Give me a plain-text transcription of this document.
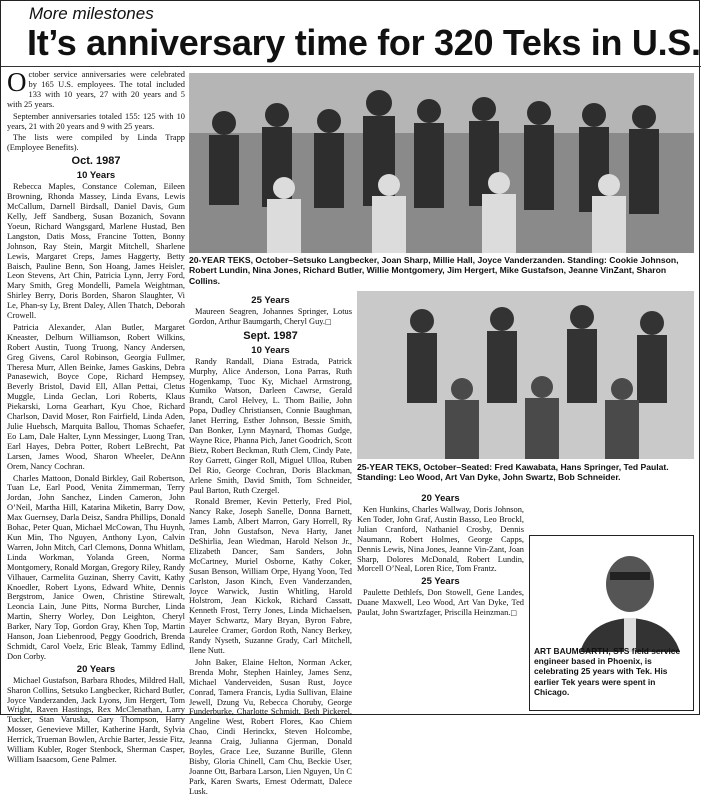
More milestones
It’s anniversary time for 320 Teks in U.S.

October service anniversaries were celebrated by 165 U.S. employees. The total included 133 with 10 years, 27 with 20 years and 5 with 25 years.

September anniversaries totaled 155: 125 with 10 years, 21 with 20 years and 9 with 25 years.

The lists were compiled by Linda Trapp (Employee Benefits).

Oct. 1987
10 Years

Rebecca Maples, Constance Coleman, Eileen Browning, Rhonda Massey, Linda Evans, Lewis McCallum, Darnell Birdsall, Daniel Davis, Gum Kelly, Jeff Sandberg, Susan Bozanich, Sovann Yoeun, Richard Wangsgard, Marlene Hustad, Ben Langston, Datis Moss, Francine Totten, Bonny Johnson, Ray Stein, Margit Mitchell, Sharlene Lewis, Margaret Creps, James Haggerty, Betty Baisch, Pauline Benn, Son Hoang, James Heisler, Leon Stevens, Art Chin, Patricia Lynn, Jerry Ford, Mary Smith, Greg Mondelli, Pamela Weightman, Shirley Berry, Doris Borden, Sharon Slaughter, Vi Le, Phan-sy Ly, Brent Daley, Allen Thatch, Deborah Crowell.

Patricia Alexander, Alan Butler, Margaret Kneaster, Delburn Williamson, Robert Wilkins, Robert Austin, Tuong Truong, Nancy Andersen, Greg Givens, Carol Robinson, Georgia Fullmer, Theresa Murr, Allen Beinke, James Gaskins, Debra Panasewich, Boyce Cope, Richard Hempsey, Beverly Bristol, David Ell, Allan Pettai, Cletus Muggle, Linda Geclan, Lori Roberts, Klaus Piekarski, Lorna Gearhart, Kyu Choe, Richard Charlson, David Moser, Ron Fairfield, Linda Aden, Julie Huebsch, Marquita Ballou, Thomas Schaefer, Eo Lam, Dale Halter, Lynn Messinger, Luong Tran, Earl Hayes, Debra Potter, Robert LeBrecht, Pat Larsen, James Wood, Sharon Wheeler, DeAnn Orem, Nancy Cochran.

Charles Mattoon, Donald Birkley, Gail Robertson, Tuan Le, Earl Pood, Venita Zimmerman, Terry Jordan, John Sanchez, Linden Cameron, John O’Neil, Martha Hill, Katarina Miketin, Barry Dow, Max Guernsey, Darla Deisz, Sandra Phillips, Donald Bohac, Peter Quan, Michael McCowan, Thu Huynh, Kun Min, Tho Nguyen, Anthony Lyon, Calvin Warren, John Mitch, Carl Clemons, Donna Whitlam, Linda Workman, Yolanda Green, Norma Montgomery, Ronald Morgan, Gregory Riley, Randy Vilhauer, Carmelita Guzinan, Sherry Cavitt, Kathy Knoedler, Robert Lyons, Edward White, Dennis Bergstrom, Janice Owen, Christine Stirewalt, Leoncia Lain, June Pitts, Norma Burcher, Linda Martin, Sherry Worley, Don Leighton, Cheryl Barker, Nary Top, Gordon Gray, Khen Top, Martin Hanson, Joan Liebenrood, Peggy Goodrich, Brenda Schmidt, Carol Voelz, Eric Bleak, Tammy Edlind, Don Corby.

20 Years

Michael Gustafson, Barbara Rhodes, Mildred Hall, Sharon Collins, Setsuko Langbecker, Richard Butler, Joyce Vanderzanden, Jack Lyons, Jim Hergert, Tom Wright, Raven Hastings, Rex McClenathan, Larry Tucker, Stan Varuska, Gary Thompson, Harry Mosser, Genevieve Miller, Katherine Hardt, Sylvia Herrick, Trueman Bowlen, Archie Barter, Jessie Fitz, William Kubler, Roger Stenbock, Sherman Casper, William Isaacsom, Gene Palmer.

20-YEAR TEKS, October–Setsuko Langbecker, Joan Sharp, Millie Hall, Joyce Vanderzanden. Standing: Cookie Johnson, Robert Lundin, Nina Jones, Richard Butler, Willie Montgomery, Jim Hergert, Mike Gustafson, Jeanne VinZant, Sharon Collins.

25 Years

Maureen Seagren, Johannes Springer, Lotus Gordon, Arthur Baumgarth, Cheryl Guy.□

Sept. 1987
10 Years

Randy Randall, Diana Estrada, Patrick Murphy, Alice Anderson, Lona Parras, Ruth Hogenkamp, Tuoc Ky, Michael Armstrong, Kumiko Watson, Darleen Cawrse, Gerald Brandt, Carol Helvey, L. Thom Bailie, John Popa, Dudley Christiansen, Connie Baughman, Janet Herring, Esther Johnson, Bessie Smith, Dan Bonker, Lynn Maynard, Thomas Gudge, Wayne Rice, Phanna Pich, Janet Goodrich, Scott Bietz, Robert Beckman, Ruth Clem, Cindy Pate, Roy Garrett, Ginger Roll, Miguel Ulloa, Ruben Del Rio, George Cochran, Doris Blackman, Arlene Smith, David Smith, Tom Schneider, Paul Barton, Ruth Czergel.

Ronald Bremer, Kevin Petterly, Fred Piol, Nancy Rake, Joseph Sanelle, Donna Barnett, James Lamb, Albert Marron, Gary Horrell, Ry Tran, John Gustafson, Neva Harty, Janet DeShirlia, Jean Wiedman, Harold Nelson Jr., Elizabeth Dancer, Sam Sanders, John McCartney, Muriel Osborne, Kathy Coker, Susan Benson, William Orpe, Hyang Yoon, Ted Carlston, Jason Kinch, Even Vanderzanden, Joyce Warwick, Justin Whitling, Harold Holstrom, Jean Kickok, Richard Cassatt, Kenneth Frost, Terry Jones, Linda Michaelsen, Mayer Schwartz, Mary Bryan, Byron Fabre, Laurelee Cramer, Gordon Roth, Nancy Berkey, Randy Nyseth, Suzanne Grady, Carl Mitchell, Ilene Nutt.

John Baker, Elaine Helton, Norman Acker, Brenda Mohr, Stephen Hainley, James Senz, Michael Vanderveiden, Susan Rust, Joyce Conrad, Tamera Francis, Lydia Sullivan, Elaine Jewell, Dzung Vu, Rebecca Choruby, George Funderburke, Charlotte Schmidt, Beth Pickerel, Angeline West, Robert Flores, Kao Chiem Chao, Cindi Herinckx, Steven Holcombe, Jeanna Craig, Julianna Gjerman, Donald Boyles, Grace Lee, Suzanne Burille, Glenn Bisby, Gloria Chinell, Cam Chu, Beckie User, Joanne Ott, Barbara Larson, Lien Nguyen, Un C Park, Karen Swarts, Ernest Odermatt, Dalece Lusk.

25-YEAR TEKS, October–Seated: Fred Kawabata, Hans Springer, Ted Paulat. Standing: Leo Wood, Art Van Dyke, John Swartz, Bob Schneider.
20 Years

Ken Hunkins, Charles Wallway, Doris Johnson, Ken Toder, John Graf, Austin Basso, Leo Brockl, Julian Cranford, Nathaniel Crosby, Dennis Naumann, Robert Holmes, George Capps, Dennis Lewis, Nina Jones, Jeanne Vin-Zant, Joan Sharp, Dolores McDonald, Robert Lundin, Morcell O’Neal, Loren Rice, Tom Frantz.

25 Years

Paulette Dethlefs, Don Stowell, Gene Landes, Duane Maxwell, Leo Wood, Art Van Dyke, Ted Paulat, John Swartzfager, Priscilla Heinzman.□

ART BAUMGARTH, STS field service engineer based in Phoenix, is celebrating 25 years with Tek. His earlier Tek years were spent in Chicago.
